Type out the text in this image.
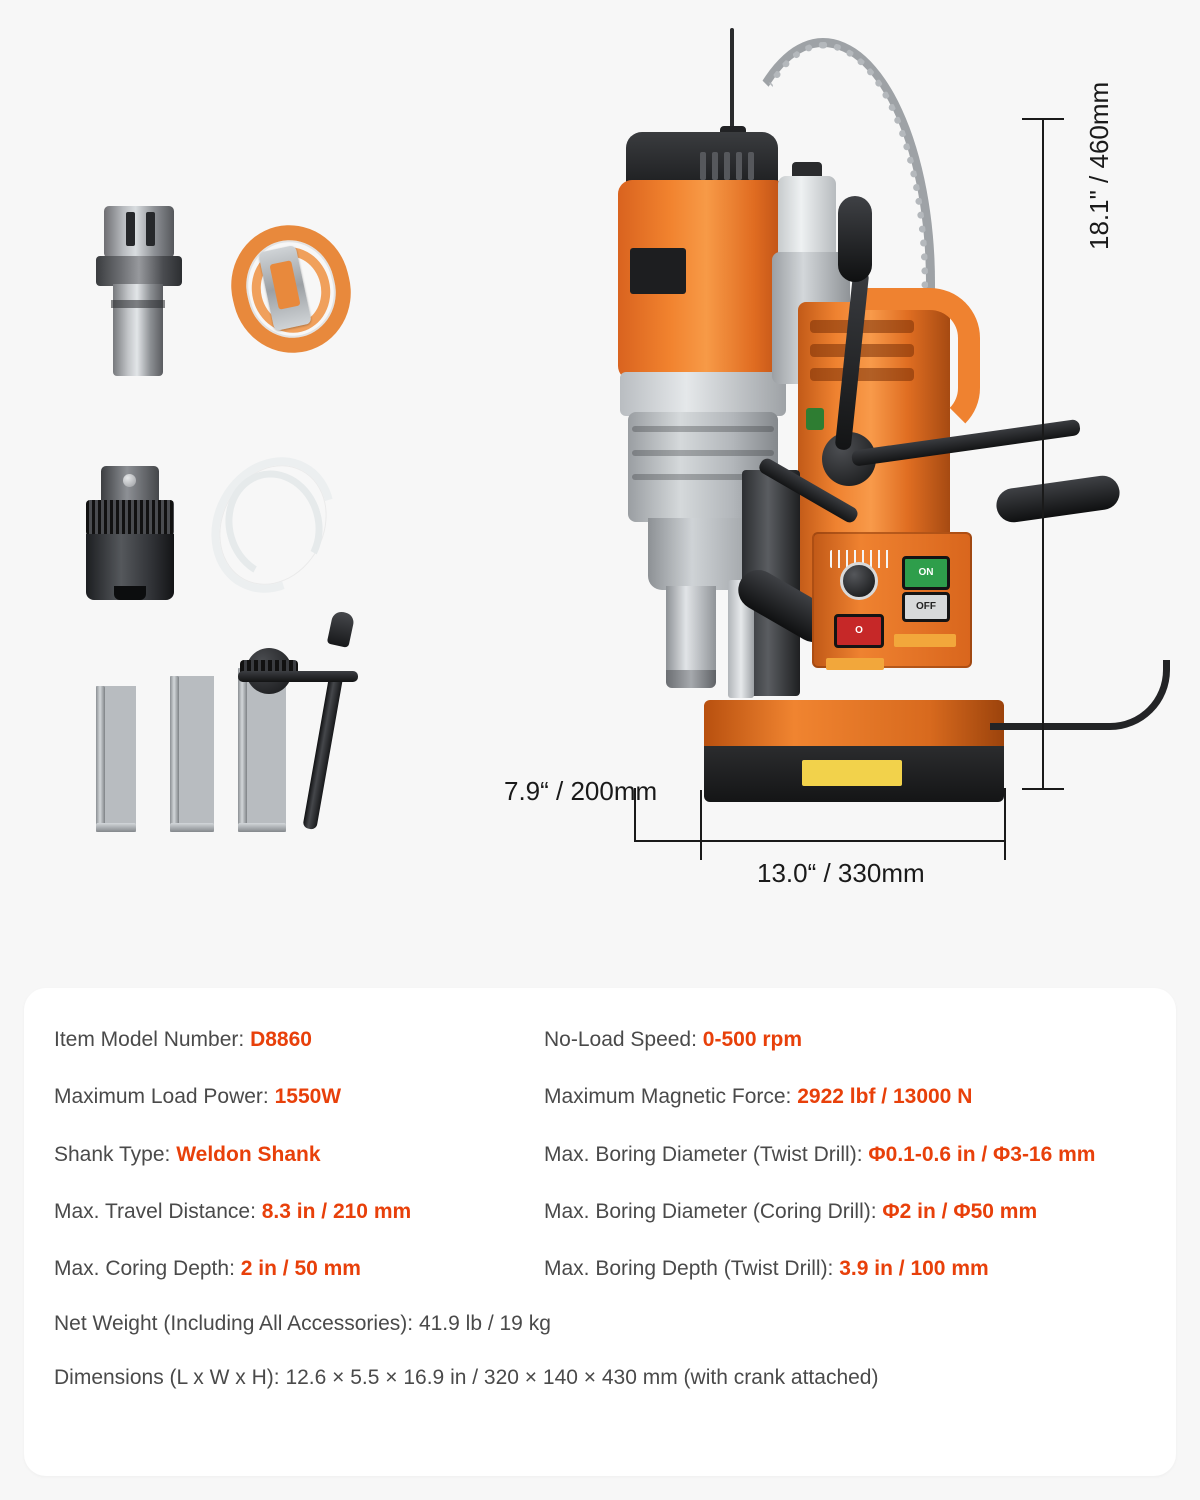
O
ON
OFF
18.1" / 460mm
7.9“ / 200mm
13.0“ / 330mm
Item Model Number: D8860	No-Load Speed: 0-500 rpm
Maximum Load Power: 1550W	Maximum Magnetic Force: 2922 lbf / 13000 N
Shank Type: Weldon Shank	Max. Boring Diameter (Twist Drill): Φ0.1-0.6 in / Φ3-16 mm
Max. Travel Distance: 8.3 in / 210 mm	Max. Boring Diameter (Coring Drill): Φ2 in / Φ50 mm
Max. Coring Depth: 2 in / 50 mm	Max. Boring Depth (Twist Drill): 3.9 in / 100 mm
Net Weight (Including All Accessories): 41.9 lb / 19 kg
Dimensions (L x W x H): 12.6 × 5.5 × 16.9 in / 320 × 140 × 430 mm (with crank attached)
